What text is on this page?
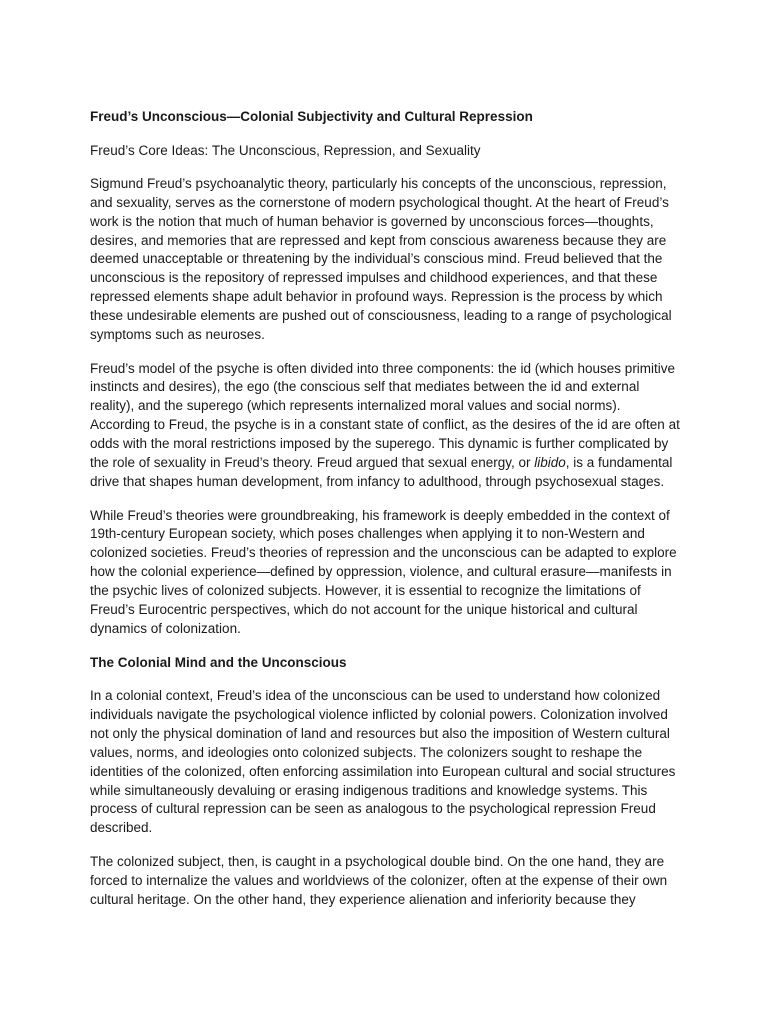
Freud’s Unconscious—Colonial Subjectivity and Cultural Repression
Freud’s Core Ideas: The Unconscious, Repression, and Sexuality

Sigmund Freud’s psychoanalytic theory, particularly his concepts of the unconscious, repression, and sexuality, serves as the cornerstone of modern psychological thought. At the heart of Freud’s work is the notion that much of human behavior is governed by unconscious forces—thoughts, desires, and memories that are repressed and kept from conscious awareness because they are deemed unacceptable or threatening by the individual’s conscious mind. Freud believed that the unconscious is the repository of repressed impulses and childhood experiences, and that these repressed elements shape adult behavior in profound ways. Repression is the process by which these undesirable elements are pushed out of consciousness, leading to a range of psychological symptoms such as neuroses.

Freud’s model of the psyche is often divided into three components: the id (which houses primitive instincts and desires), the ego (the conscious self that mediates between the id and external reality), and the superego (which represents internalized moral values and social norms). According to Freud, the psyche is in a constant state of conflict, as the desires of the id are often at odds with the moral restrictions imposed by the superego. This dynamic is further complicated by the role of sexuality in Freud’s theory. Freud argued that sexual energy, or libido, is a fundamental drive that shapes human development, from infancy to adulthood, through psychosexual stages.

While Freud’s theories were groundbreaking, his framework is deeply embedded in the context of 19th-century European society, which poses challenges when applying it to non-Western and colonized societies. Freud’s theories of repression and the unconscious can be adapted to explore how the colonial experience—defined by oppression, violence, and cultural erasure—manifests in the psychic lives of colonized subjects. However, it is essential to recognize the limitations of Freud’s Eurocentric perspectives, which do not account for the unique historical and cultural dynamics of colonization.

The Colonial Mind and the Unconscious

In a colonial context, Freud’s idea of the unconscious can be used to understand how colonized individuals navigate the psychological violence inflicted by colonial powers. Colonization involved not only the physical domination of land and resources but also the imposition of Western cultural values, norms, and ideologies onto colonized subjects. The colonizers sought to reshape the identities of the colonized, often enforcing assimilation into European cultural and social structures while simultaneously devaluing or erasing indigenous traditions and knowledge systems. This process of cultural repression can be seen as analogous to the psychological repression Freud described.

The colonized subject, then, is caught in a psychological double bind. On the one hand, they are forced to internalize the values and worldviews of the colonizer, often at the expense of their own cultural heritage. On the other hand, they experience alienation and inferiority because they
